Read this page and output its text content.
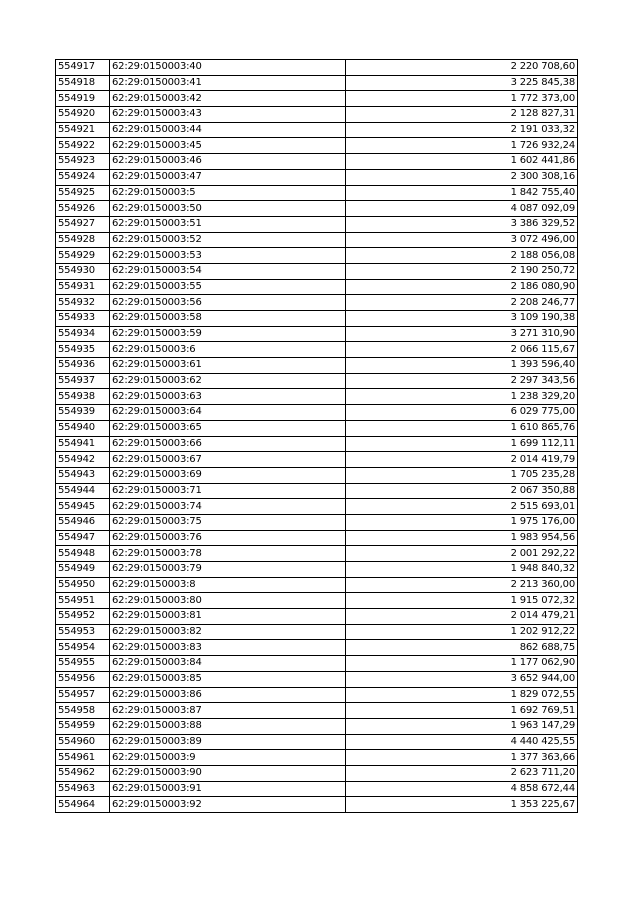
554917	62:29:0150003:40	2 220 708,60
554918	62:29:0150003:41	3 225 845,38
554919	62:29:0150003:42	1 772 373,00
554920	62:29:0150003:43	2 128 827,31
554921	62:29:0150003:44	2 191 033,32
554922	62:29:0150003:45	1 726 932,24
554923	62:29:0150003:46	1 602 441,86
554924	62:29:0150003:47	2 300 308,16
554925	62:29:0150003:5	1 842 755,40
554926	62:29:0150003:50	4 087 092,09
554927	62:29:0150003:51	3 386 329,52
554928	62:29:0150003:52	3 072 496,00
554929	62:29:0150003:53	2 188 056,08
554930	62:29:0150003:54	2 190 250,72
554931	62:29:0150003:55	2 186 080,90
554932	62:29:0150003:56	2 208 246,77
554933	62:29:0150003:58	3 109 190,38
554934	62:29:0150003:59	3 271 310,90
554935	62:29:0150003:6	2 066 115,67
554936	62:29:0150003:61	1 393 596,40
554937	62:29:0150003:62	2 297 343,56
554938	62:29:0150003:63	1 238 329,20
554939	62:29:0150003:64	6 029 775,00
554940	62:29:0150003:65	1 610 865,76
554941	62:29:0150003:66	1 699 112,11
554942	62:29:0150003:67	2 014 419,79
554943	62:29:0150003:69	1 705 235,28
554944	62:29:0150003:71	2 067 350,88
554945	62:29:0150003:74	2 515 693,01
554946	62:29:0150003:75	1 975 176,00
554947	62:29:0150003:76	1 983 954,56
554948	62:29:0150003:78	2 001 292,22
554949	62:29:0150003:79	1 948 840,32
554950	62:29:0150003:8	2 213 360,00
554951	62:29:0150003:80	1 915 072,32
554952	62:29:0150003:81	2 014 479,21
554953	62:29:0150003:82	1 202 912,22
554954	62:29:0150003:83	862 688,75
554955	62:29:0150003:84	1 177 062,90
554956	62:29:0150003:85	3 652 944,00
554957	62:29:0150003:86	1 829 072,55
554958	62:29:0150003:87	1 692 769,51
554959	62:29:0150003:88	1 963 147,29
554960	62:29:0150003:89	4 440 425,55
554961	62:29:0150003:9	1 377 363,66
554962	62:29:0150003:90	2 623 711,20
554963	62:29:0150003:91	4 858 672,44
554964	62:29:0150003:92	1 353 225,67
